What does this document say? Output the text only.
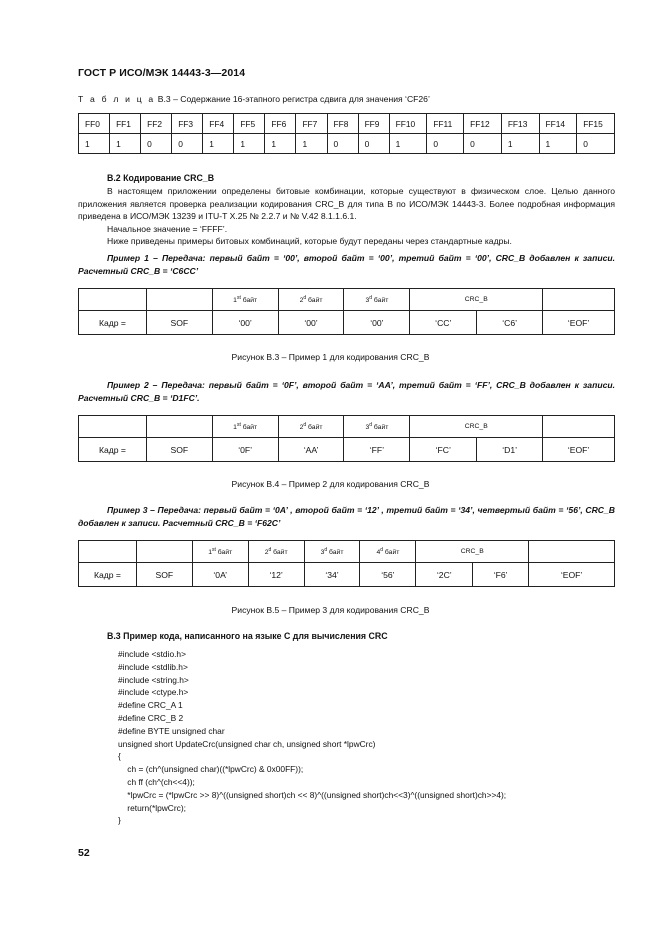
ГОСТ Р ИСО/МЭК 14443-3—2014
Т а б л и ц а В.3 – Содержание 16-этапного регистра сдвига для значения ‘CF26’
FF0	FF1	FF2	FF3	FF4	FF5	FF6	FF7	FF8	FF9	FF10	FF11	FF12	FF13	FF14	FF15
1	1	0	0	1	1	1	1	0	0	1	0	0	1	1	0
В.2 Кодирование CRC_B

В настоящем приложении определены битовые комбинации, которые существуют в физическом слое. Целью данного приложения является проверка реализации кодирования CRC_B для типа B по ИСО/МЭК 14443-3. Более подробная информация приведена в ИСО/МЭК 13239 и ITU-T X.25 № 2.2.7 и № V.42 8.1.1.6.1.

Начальное значение = ‘FFFF’.

Ниже приведены примеры битовых комбинаций, которые будут переданы через стандартные кадры.

Пример 1 – Передача: первый байт = ‘00’, второй байт = ‘00’, третий байт = ‘00’, CRC_B добавлен к записи. Расчетный CRC_B = ‘C6CC’
		1st байт	2$^d$ байт	3$^d$ байт	CRC_B		
Кадр =	SOF	‘00’	‘00’	‘00’	‘CC’	‘C6’	‘EOF’
Рисунок В.3 – Пример 1 для кодирования CRC_B
Пример 2 – Передача: первый байт = ‘0F’, второй байт = ‘AA’, третий байт = ‘FF’, CRC_B добавлен к записи. Расчетный CRC_B = ‘D1FC’.
		1st байт	2$^d$ байт	3$^d$ байт	CRC_B		
Кадр =	SOF	‘0F’	‘AA’	‘FF’	‘FC’	‘D1’	‘EOF’
Рисунок В.4 – Пример 2 для кодирования CRC_B
Пример 3 – Передача: первый байт = ‘0A’ , второй байт = ‘12’ , третий байт = ‘34’, четвертый байт = ‘56’, CRC_B добавлен к записи. Расчетный CRC_B = ‘F62C’
		1st байт	2$^d$ байт	3$^d$ байт	4$^d$ байт	CRC_B		
Кадр =	SOF	‘0A’	‘12’	‘34’	‘56’	‘2C’	‘F6’	‘EOF’
Рисунок В.5 – Пример 3 для кодирования CRC_B
В.3 Пример кода, написанного на языке С для вычисления CRC
#include <stdio.h>
#include <stdlib.h>
#include <string.h>
#include <ctype.h>
#define CRC_A 1
#define CRC_B 2
#define BYTE unsigned char
unsigned short UpdateCrc(unsigned char ch, unsigned short *lpwCrc)
{
ch = (ch^(unsigned char)((*lpwCrc) & 0x00FF));
ch ff (ch^(ch<<4));
*lpwCrc = (*lpwCrc >> 8)^((unsigned short)ch << 8)^((unsigned short)ch<<3)^((unsigned short)ch>>4);
return(*lpwCrc);
}
52
